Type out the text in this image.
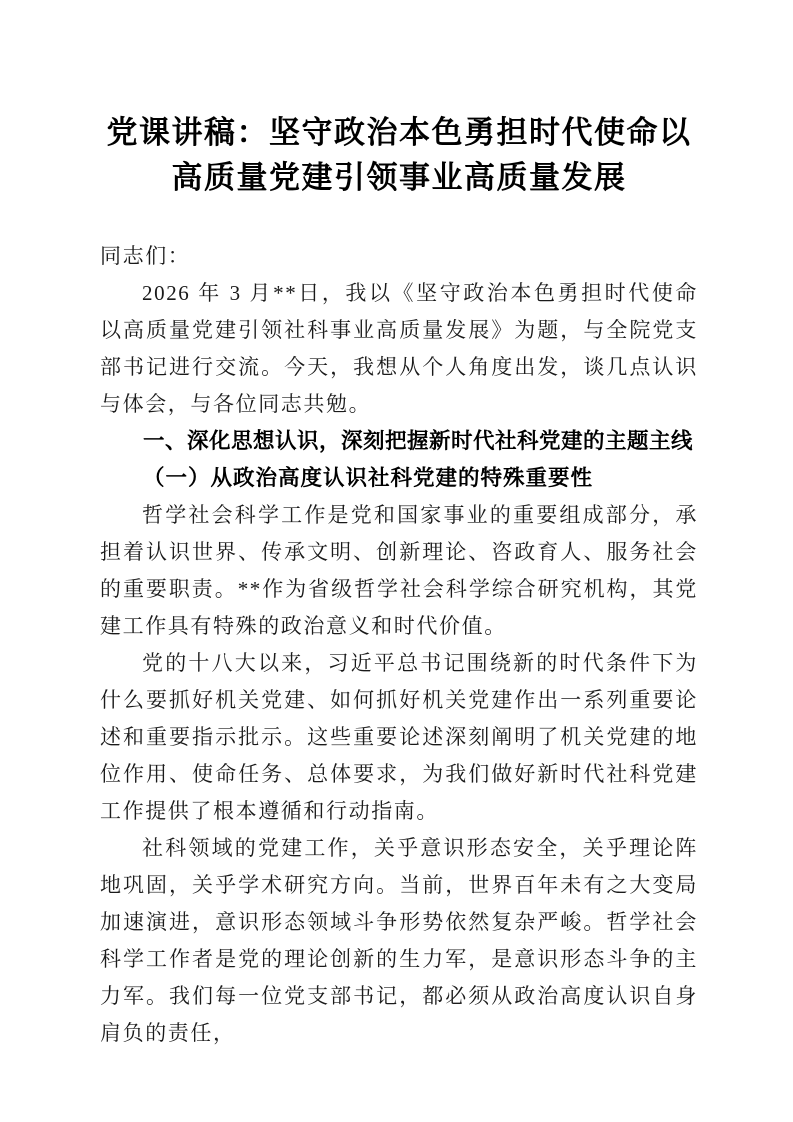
党课讲稿：坚守政治本色勇担时代使命以高质量党建引领事业高质量发展

同志们：

2026 年 3 月**日，我以《坚守政治本色勇担时代使命以高质量党建引领社科事业高质量发展》为题，与全院党支部书记进行交流。今天，我想从个人角度出发，谈几点认识与体会，与各位同志共勉。

一、深化思想认识，深刻把握新时代社科党建的主题主线
（一）从政治高度认识社科党建的特殊重要性

哲学社会科学工作是党和国家事业的重要组成部分，承担着认识世界、传承文明、创新理论、咨政育人、服务社会的重要职责。**作为省级哲学社会科学综合研究机构，其党建工作具有特殊的政治意义和时代价值。

党的十八大以来，习近平总书记围绕新的时代条件下为什么要抓好机关党建、如何抓好机关党建作出一系列重要论述和重要指示批示。这些重要论述深刻阐明了机关党建的地位作用、使命任务、总体要求，为我们做好新时代社科党建工作提供了根本遵循和行动指南。

社科领域的党建工作，关乎意识形态安全，关乎理论阵地巩固，关乎学术研究方向。当前，世界百年未有之大变局加速演进，意识形态领域斗争形势依然复杂严峻。哲学社会科学工作者是党的理论创新的生力军，是意识形态斗争的主力军。我们每一位党支部书记，都必须从政治高度认识自身肩负的责任，
